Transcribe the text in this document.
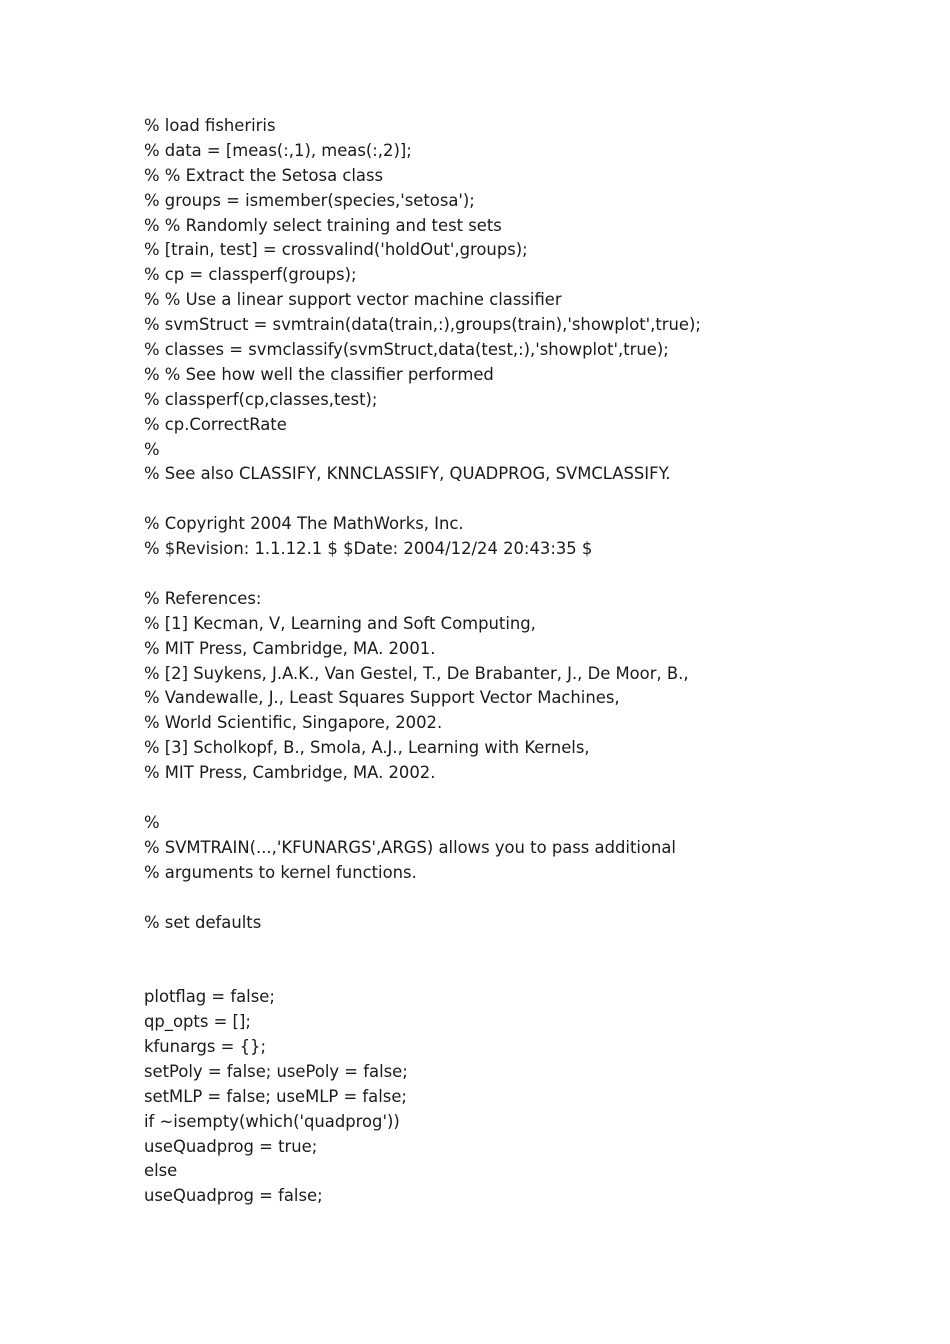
% load fisheriris
% data = [meas(:,1), meas(:,2)];
% % Extract the Setosa class
% groups = ismember(species,'setosa');
% % Randomly select training and test sets
% [train, test] = crossvalind('holdOut',groups);
% cp = classperf(groups);
% % Use a linear support vector machine classifier
% svmStruct = svmtrain(data(train,:),groups(train),'showplot',true);
% classes = svmclassify(svmStruct,data(test,:),'showplot',true);
% % See how well the classifier performed
% classperf(cp,classes,test);
% cp.CorrectRate
%
% See also CLASSIFY, KNNCLASSIFY, QUADPROG, SVMCLASSIFY.
% Copyright 2004 The MathWorks, Inc.
% $Revision: 1.1.12.1 $ $Date: 2004/12/24 20:43:35 $
% References:
% [1] Kecman, V, Learning and Soft Computing,
% MIT Press, Cambridge, MA. 2001.
% [2] Suykens, J.A.K., Van Gestel, T., De Brabanter, J., De Moor, B.,
% Vandewalle, J., Least Squares Support Vector Machines,
% World Scientific, Singapore, 2002.
% [3] Scholkopf, B., Smola, A.J., Learning with Kernels,
% MIT Press, Cambridge, MA. 2002.
%
% SVMTRAIN(...,'KFUNARGS',ARGS) allows you to pass additional
% arguments to kernel functions.
% set defaults
plotflag = false;
qp_opts = [];
kfunargs = {};
setPoly = false; usePoly = false;
setMLP = false; useMLP = false;
if ~isempty(which('quadprog'))
useQuadprog = true;
else
useQuadprog = false;
